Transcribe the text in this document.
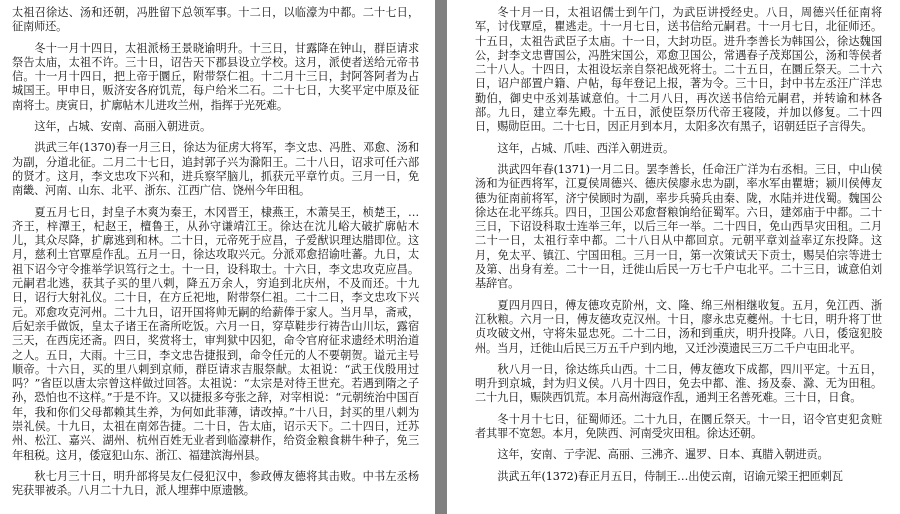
太祖召徐达、汤和还朝，冯胜留下总领军事。十二日，以临濠为中都。二十七日，征南师还。

冬十一月十四日，太祖派杨王景晓谕明升。十三日，甘露降在钟山，群臣请求祭告太庙，太祖不许。三十日，诏告天下郡县设立学校。这月，派使者送给元帝书信。十一月十四日，把上帝于圜丘，附带祭仁祖。十二月十三日，封阿答阿者为占城国王。甲申日，贩济安各府饥荒，每户给米二石。二十七日，大奖平定中原及征南将士。庚寅日，扩廓帖木儿进攻兰州，指挥于光死难。

这年，占城、安南、高丽入朝进贡。

洪武三年(1370)春一月三日，徐达为征虏大将军，李文忠、冯胜、邓愈、汤和为副，分道北征。二月二十七日，追封郭子兴为滁阳王。二十八日，诏求可任六部的贤才。这月，李文忠攻下兴和，进兵察罕脑儿，抓获元平章竹贞。三月一日，免南畿、河南、山东、北平、浙东、江西广信、饶州今年田租。

夏五月七日，封皇子木爽为秦王，木冈晋王，棣燕王，木萧吴王，桢楚王，…齐王，梓潭王，杞赵王，檀鲁王，从孙守谦靖江王。徐达在沈儿峪大破扩廓帖木儿，其众尽降，扩廓逃到和林。二十日，元帝死于应昌，子爱猷识理达腊即位。这月，慈利土官覃垕作乱。五月一日，徐达攻取兴元。分派邓愈招谕吐蕃。九日，太祖下诏今守令推举学识笃行之士。十一日，设科取士。十六日，李文忠攻克应昌。元嗣君北逃，获其子买的里八剌，降五万余人，穷追到北庆州，不及而还。十九日，诏行大射礼仪。二十日，在方丘祀地，附带祭仁祖。二十二日，李文忠攻下兴元。邓愈攻克河州。二十九日，诏开国将帅无嗣的给薪俸于家人。当月旱，斋戒，后妃亲手做饭，皇太子诸王在斋所吃饭。六月一日，穿草鞋步行祷告山川坛，露宿三天，在西庑还斋。四日，奖赏将士，审判狱中囚犯，命令官府征求遗经术明治道之人。五日，大雨。十三日，李文忠告捷报到，命令任元的人不要朝贺。谥元主号顺帝。十六日，买的里八剌到京师，群臣请求吉服祭献。太祖说：“武王伐殷用过吗？”省臣以唐太宗曾这样做过回答。太祖说：“太宗是对待王世充。若遇到隋之子孙，恐怕也不这样。”于是不许。又以捷报多夸张之辞，对宰相说：“元朝统治中国百年，我和你们父母都赖其生养，为何如此菲薄，请改掉。”十八日，封买的里八剌为崇礼侯。十九日，太祖在南郊告捷。二十日，告太庙，诏示天下。二十四日，迁苏州、松江、嘉兴、湖州、杭州百姓无业者到临濠耕作，给资金粮食耕牛种子，免三年租税。这月，倭寇犯山东、浙江、福建滨海州县。

秋七月三十日，明升部将吴友仁侵犯汉中，参政傅友德将其击败。中书左丞杨宪获罪被杀。八月二十九日，派人埋葬中原遗骸。

冬十月一日，太祖诏儒士到午门，为武臣讲授经史。八日，周德兴任征南将军，讨伐覃垕，瞿逃走。十一月七日，送书信给元嗣君。十一月七日，北征师还。十五日，太祖告武臣子太庙。十一日，大封功臣。进升李善长为韩国公，徐达魏国公，封李文忠曹国公，冯胜宋国公，邓愈卫国公，常遇春子茂郑国公，汤和等侯者二十八人。十四日，太祖设坛亲自祭祀战死将士。二十五日，在圜丘祭天。二十六日，诏户部置户籍、户帖，每年登记上报，著为令。三十日，封中书左丞汪广洋忠勤伯，御史中丞刘基诚意伯。十二月八日，再次送书信给元嗣君，并转谕和林各部。九日，建立奉先殿。十五日，派使臣祭历代帝王寝陵，并加以修复。二十四日，赐勋臣田。二十七日，因正月到本月，太阳多次有黑子，诏朝廷臣子言得失。

这年，占城、爪哇、西洋入朝进贡。

洪武四年春(1371)一月二日。罢李善长，任命汪广洋为右丞相。三日，中山侯汤和为征西将军，江夏侯周德兴、德庆侯廖永忠为副，率水军由瞿塘；颍川侯傅友德为征南前将军，济宁侯顾时为副，率步兵骑兵由秦、陇，水陆并进伐蜀。魏国公徐达在北平练兵。四日，卫国公邓愈督粮饷给征蜀军。六日，建郊庙于中都。二十三日，下诏设科取士连举三年，以后三年一举。二十四日，免山西旱灾田租。二月二十一日，太祖行幸中都。二十八日从中都回京。元朝平章刘益率辽东投降。这月，免太平、镇江、宁国田租。三月一日，第一次策试天下贡士，赐吴伯宗等进士及第、出身有差。二十一日，迁徙山后民一万七千户屯北平。二十三日，诚意伯刘基辞官。

夏四月四日，傅友德攻克阶州，文、隆、绵三州相继收复。五月，免江西、浙江秋粮。六月一日，傅友德攻克汉州。十日，廖永忠克夔州。十七日，明升将丁世贞攻破文州，守将朱显忠死。二十二日，汤和到重庆，明升投降。八日，倭寇犯胶州。当月，迁徙山后民三万五千户到内地，又迁沙漠遗民三万二千户屯田北平。

秋八月一日，徐达练兵山西。十二日，傅友德攻下成都，四川平定。十五日，明升到京城，封为归义侯。八月十四日，免去中都、淮、扬及泰、滁、无为田租。二十九日，赈陕西饥荒。本月高州海寇作乱，通判王名善死难。三十日，日食。

冬十月十七日，征蜀师还。二十九日，在圜丘祭天。十一日，诏令官吏犯贪赃者其罪不宽恕。本月，免陕西、河南受灾田租。徐达还朝。

这年，安南、亍孛泥、高丽、三沸齐、暹罗、日本、真腊入朝进贡。

洪武五年(1372)春正月五日，侍制王…出使云南，诏谕元梁王把匝剌瓦
